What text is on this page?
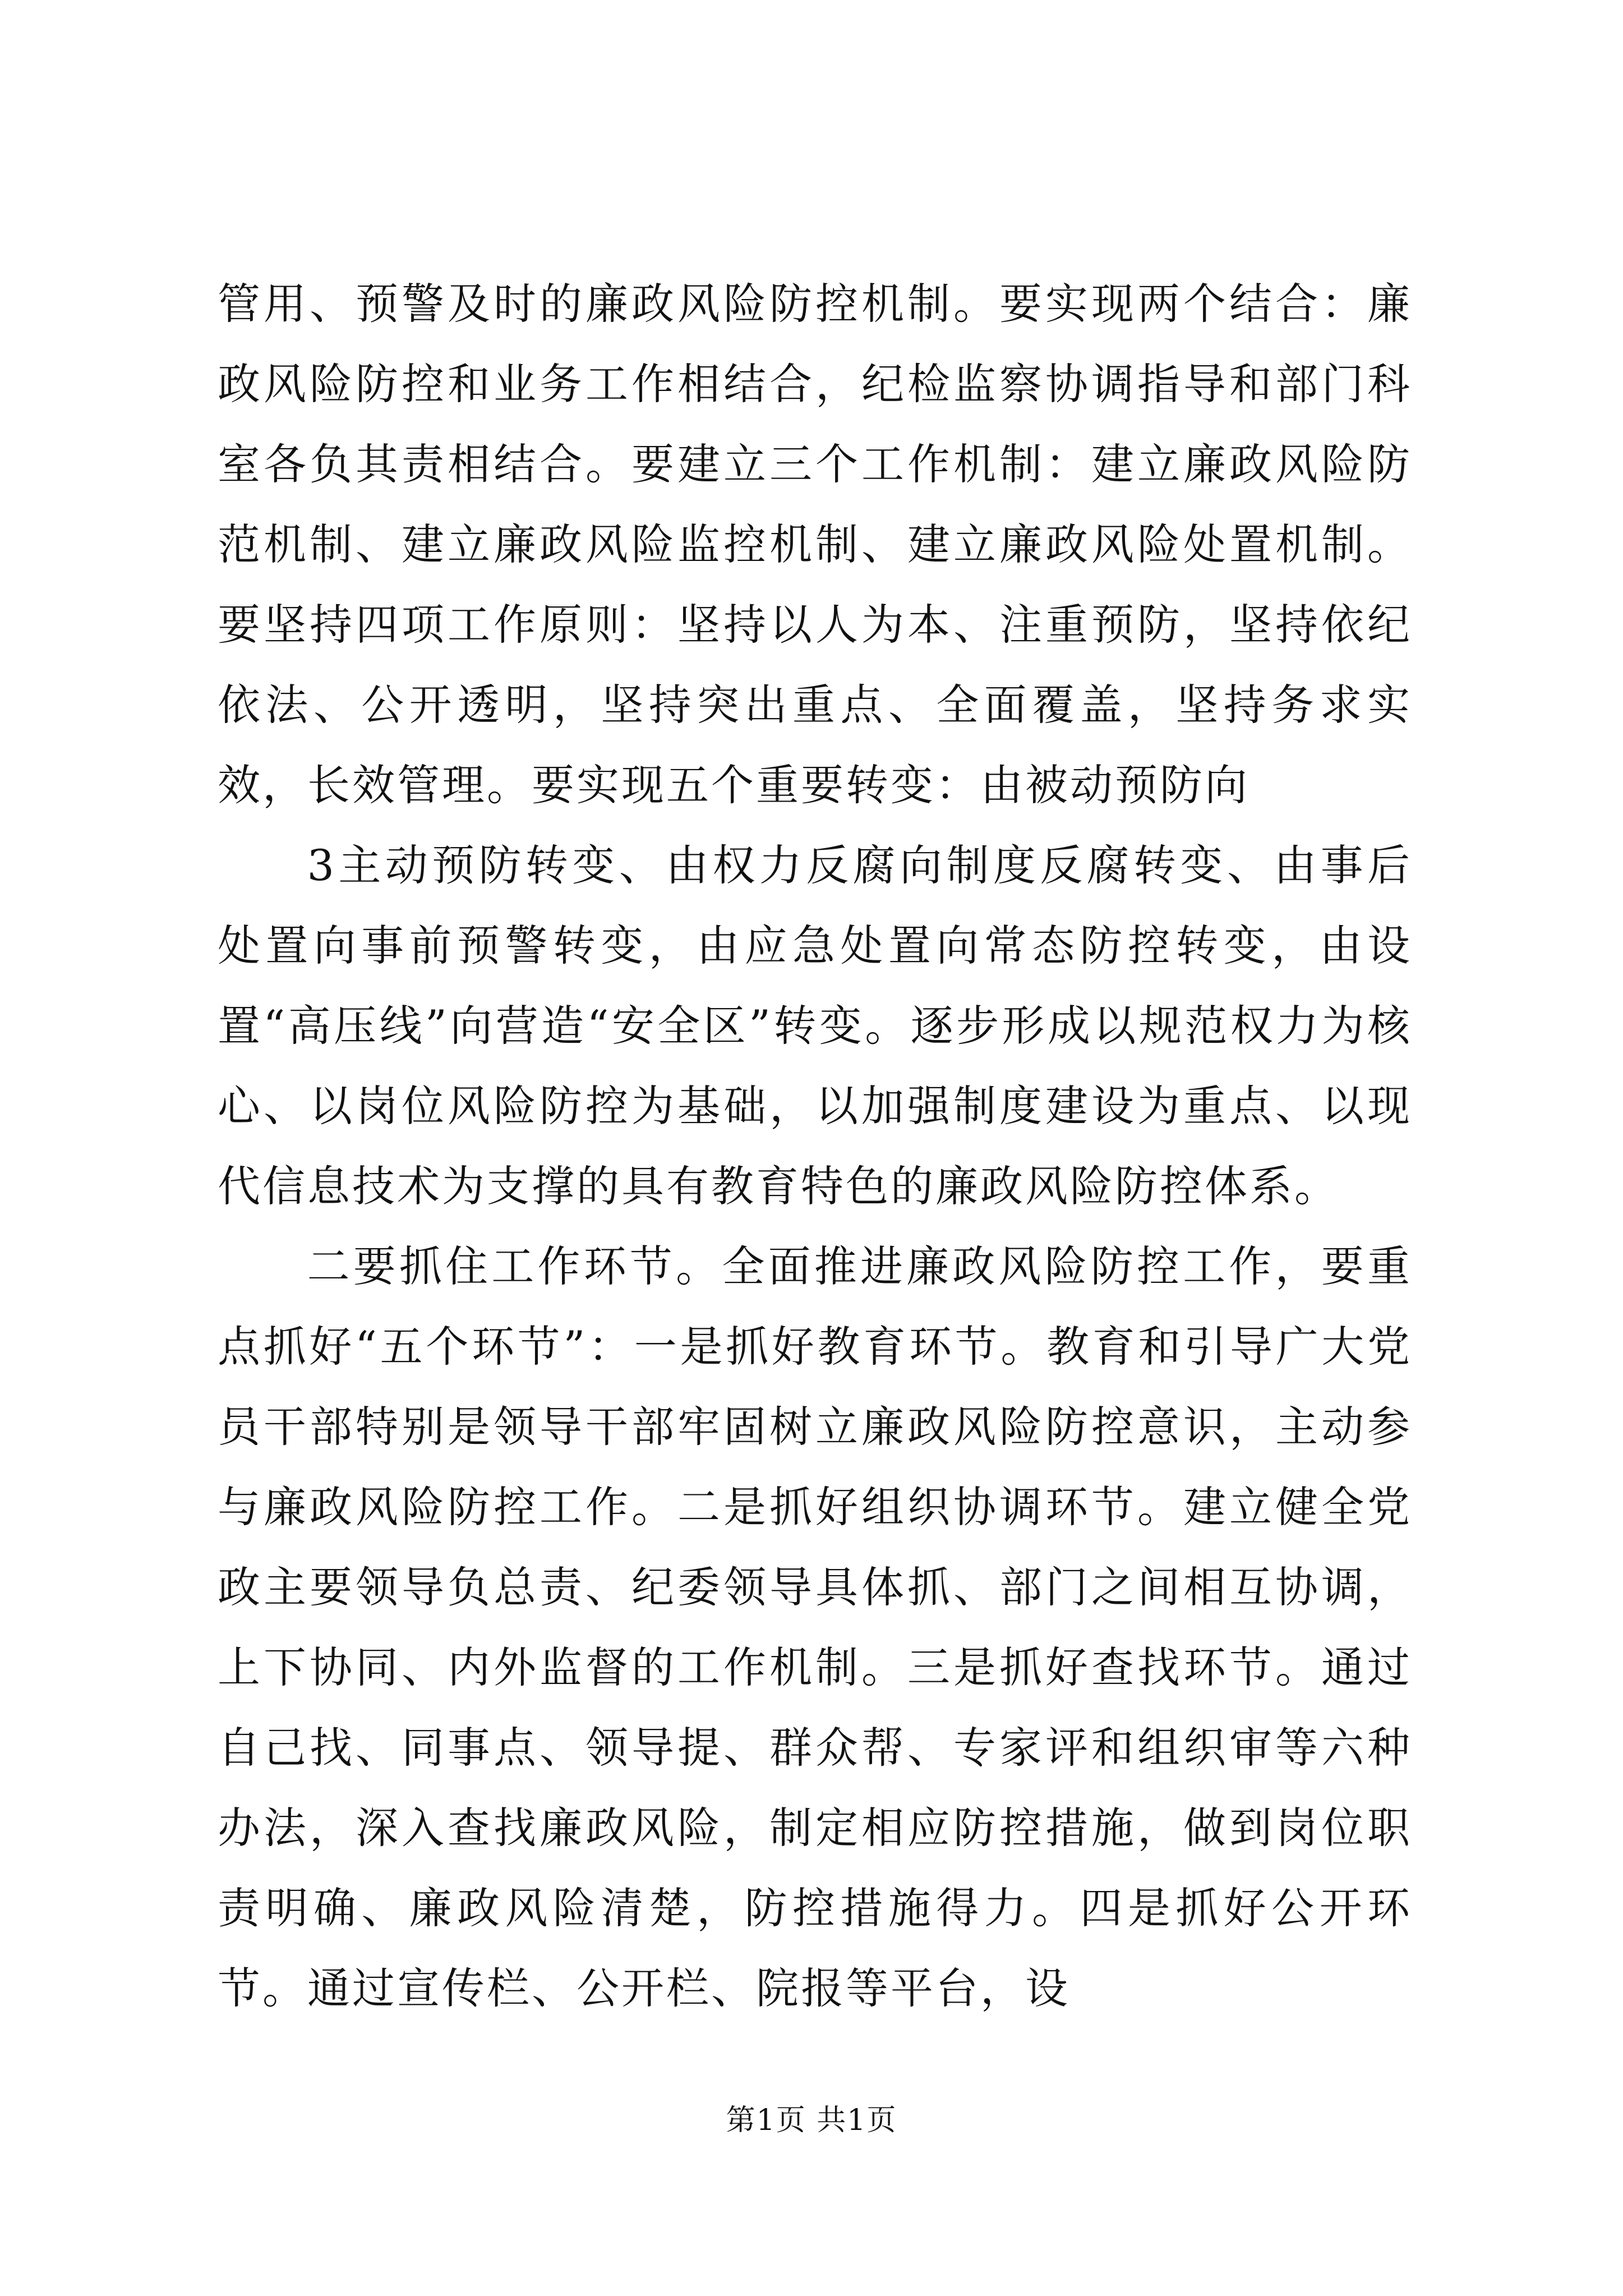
管用、预警及时的廉政风险防控机制。要实现两个结合：廉政风险防控和业务工作相结合，纪检监察协调指导和部门科室各负其责相结合。要建立三个工作机制：建立廉政风险防范机制、建立廉政风险监控机制、建立廉政风险处置机制。要坚持四项工作原则：坚持以人为本、注重预防，坚持依纪依法、公开透明，坚持突出重点、全面覆盖，坚持务求实效，长效管理。要实现五个重要转变：由被动预防向

3主动预防转变、由权力反腐向制度反腐转变、由事后处置向事前预警转变，由应急处置向常态防控转变，由设置“高压线”向营造“安全区”转变。逐步形成以规范权力为核心、以岗位风险防控为基础，以加强制度建设为重点、以现代信息技术为支撑的具有教育特色的廉政风险防控体系。

二要抓住工作环节。全面推进廉政风险防控工作，要重点抓好“五个环节”：一是抓好教育环节。教育和引导广大党员干部特别是领导干部牢固树立廉政风险防控意识，主动参与廉政风险防控工作。二是抓好组织协调环节。建立健全党政主要领导负总责、纪委领导具体抓、部门之间相互协调，上下协同、内外监督的工作机制。三是抓好查找环节。通过自己找、同事点、领导提、群众帮、专家评和组织审等六种办法，深入查找廉政风险，制定相应防控措施，做到岗位职责明确、廉政风险清楚，防控措施得力。四是抓好公开环节。通过宣传栏、公开栏、院报等平台，设

第1页 共1页
